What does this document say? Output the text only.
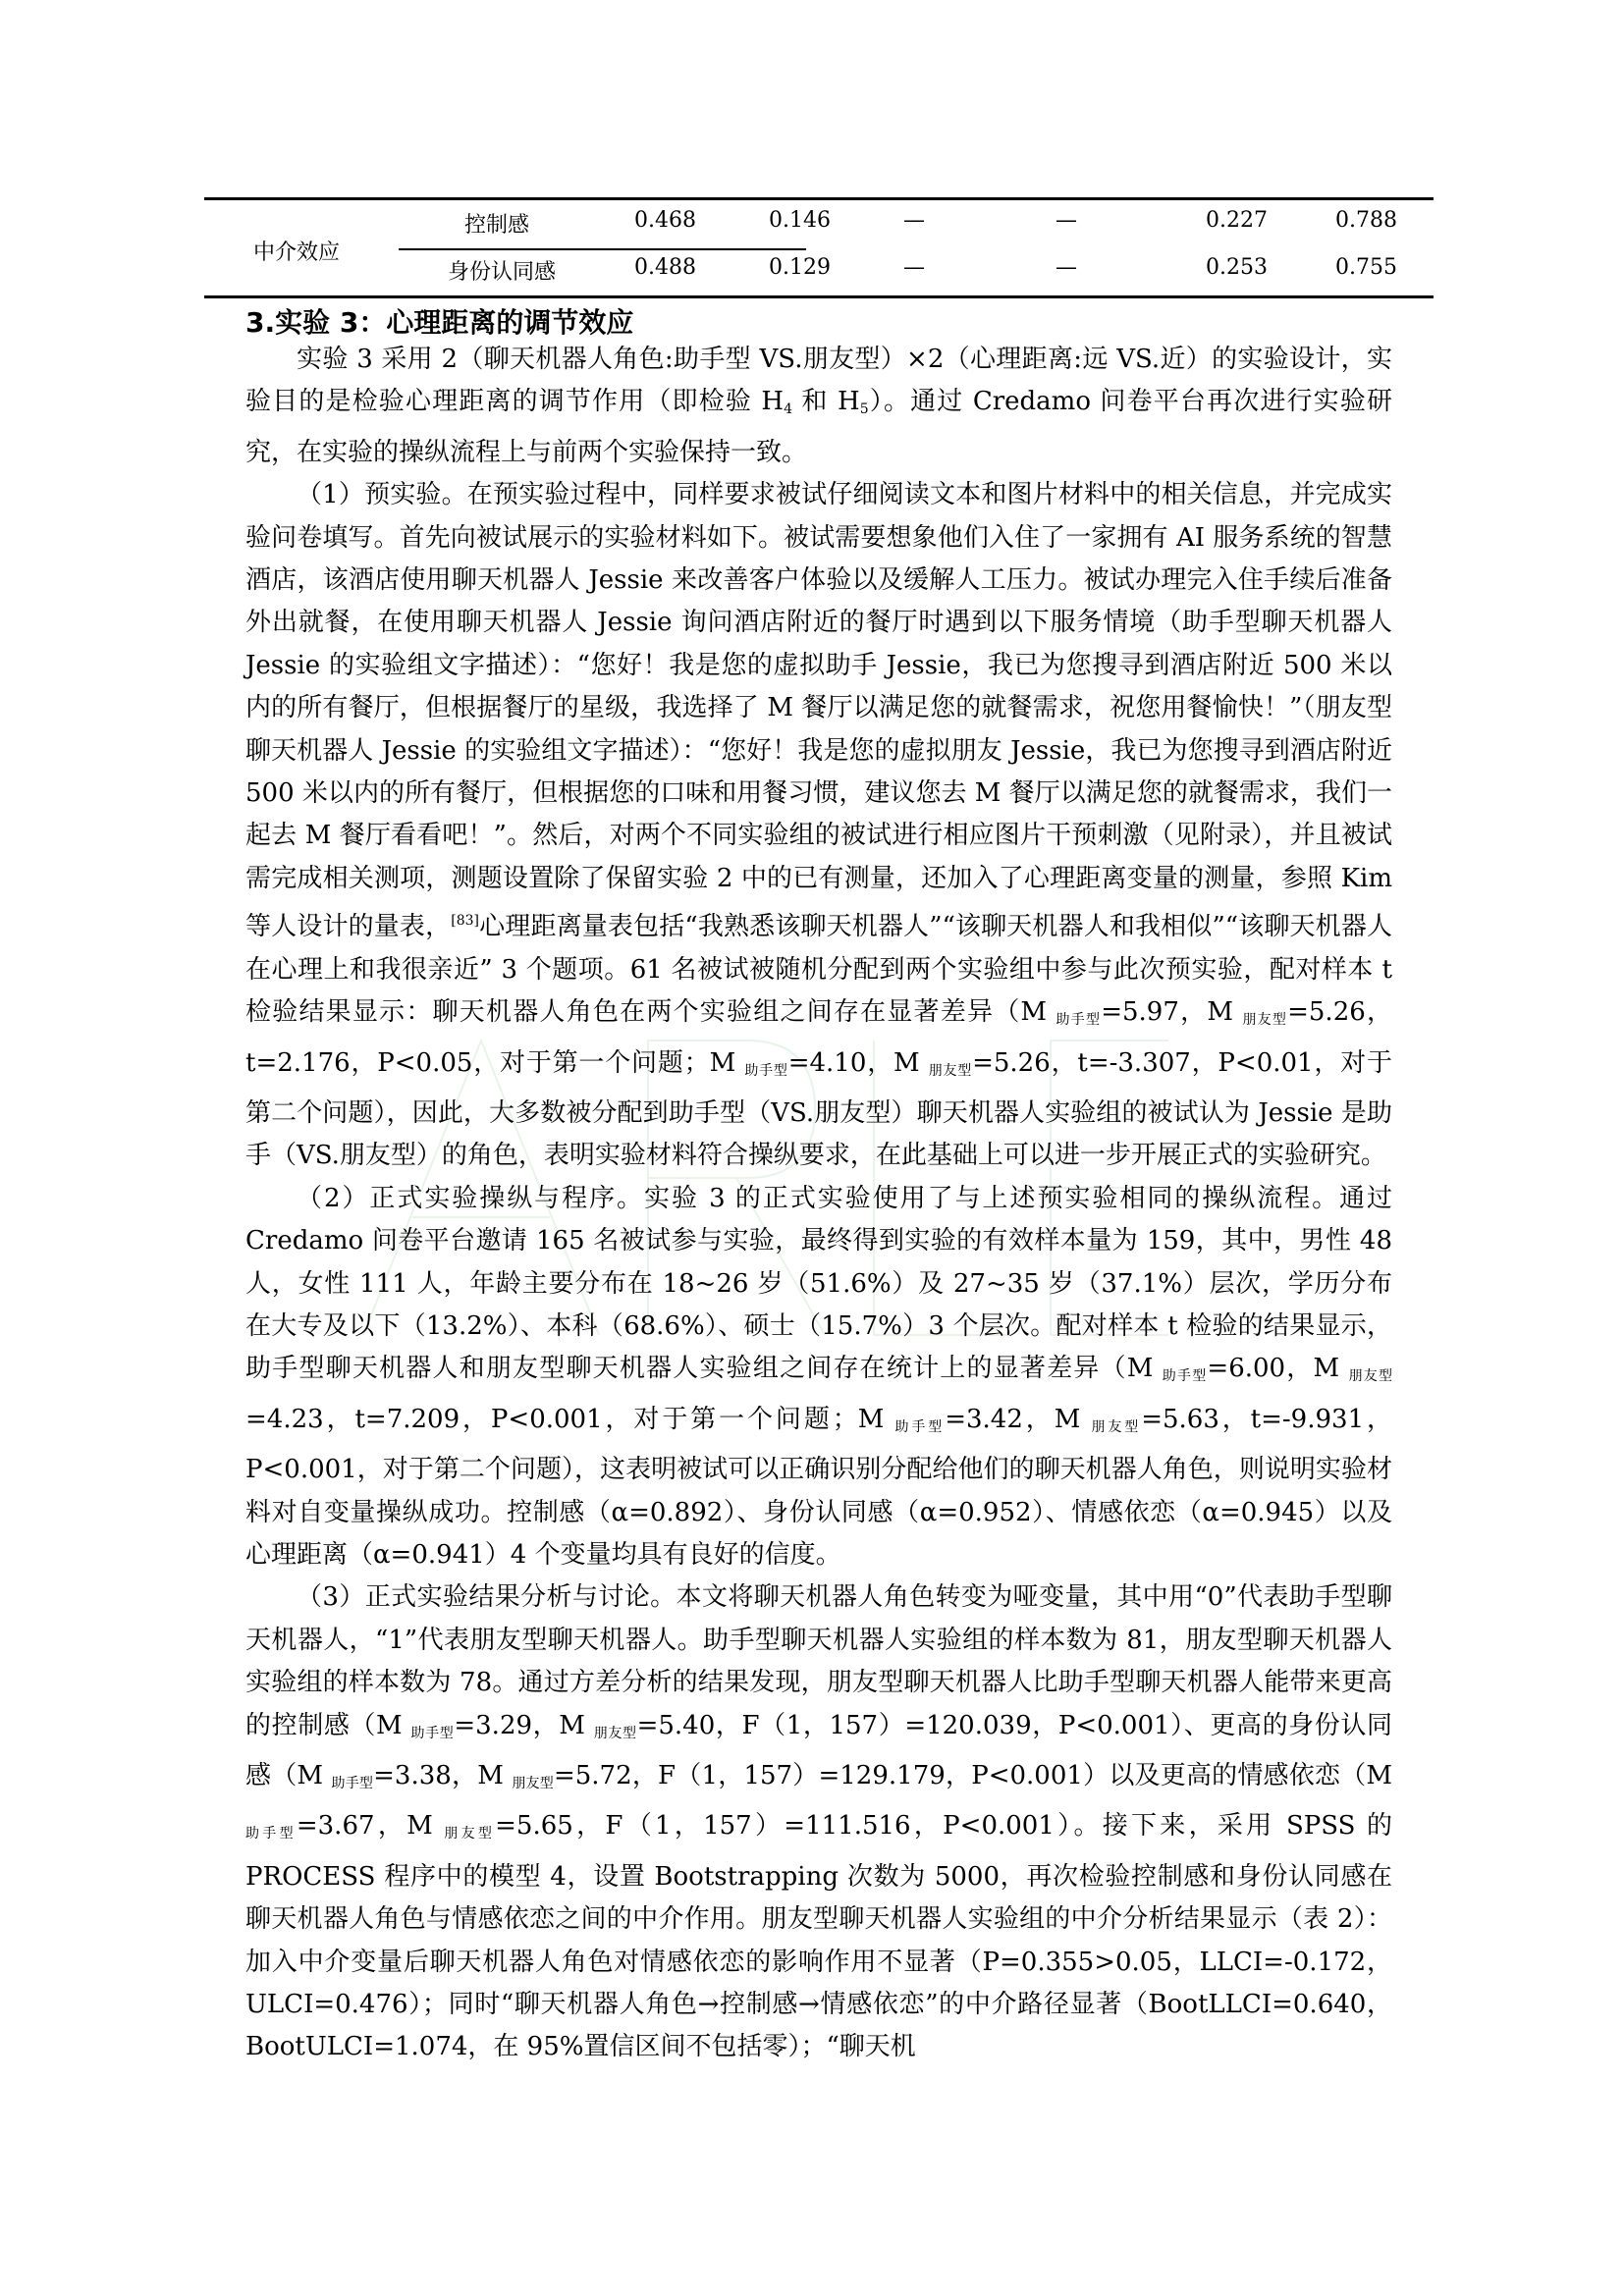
中介效应
控制感	0.468	0.146	—	—	0.227	0.788
身份认同感	0.488	0.129	—	—	0.253	0.755
3.实验 3：心理距离的调节效应

实验 3 采用 2（聊天机器人角色:助手型 VS.朋友型）×2（心理距离:远 VS.近）的实验设计，实验目的是检验心理距离的调节作用（即检验 $H_4$ 和 $H_5$）。通过 Credamo 问卷平台再次进行实验研究，在实验的操纵流程上与前两个实验保持一致。

（1）预实验。在预实验过程中，同样要求被试仔细阅读文本和图片材料中的相关信息，并完成实验问卷填写。首先向被试展示的实验材料如下。被试需要想象他们入住了一家拥有 AI 服务系统的智慧酒店，该酒店使用聊天机器人 Jessie 来改善客户体验以及缓解人工压力。被试办理完入住手续后准备外出就餐，在使用聊天机器人 Jessie 询问酒店附近的餐厅时遇到以下服务情境（助手型聊天机器人 Jessie 的实验组文字描述）：“您好！我是您的虚拟助手 Jessie，我已为您搜寻到酒店附近 500 米以内的所有餐厅，但根据餐厅的星级，我选择了 M 餐厅以满足您的就餐需求，祝您用餐愉快！”（朋友型聊天机器人 Jessie 的实验组文字描述）：“您好！我是您的虚拟朋友 Jessie，我已为您搜寻到酒店附近 500 米以内的所有餐厅，但根据您的口味和用餐习惯，建议您去 M 餐厅以满足您的就餐需求，我们一起去 M 餐厅看看吧！”。然后，对两个不同实验组的被试进行相应图片干预刺激（见附录），并且被试需完成相关测项，测题设置除了保留实验 2 中的已有测量，还加入了心理距离变量的测量，参照 Kim 等人设计的量表，[83]心理距离量表包括“我熟悉该聊天机器人”“该聊天机器人和我相似”“该聊天机器人在心理上和我很亲近” 3 个题项。61 名被试被随机分配到两个实验组中参与此次预实验，配对样本 t 检验结果显示：聊天机器人角色在两个实验组之间存在显著差异（M $_{助手型}$=5.97，M $_{朋友型}$=5.26，t=2.176，P<0.05，对于第一个问题；M $_{助手型}$=4.10，M $_{朋友型}$=5.26，t=-3.307，P<0.01，对于第二个问题），因此，大多数被分配到助手型（VS.朋友型）聊天机器人实验组的被试认为 Jessie 是助手（VS.朋友型）的角色，表明实验材料符合操纵要求，在此基础上可以进一步开展正式的实验研究。

（2）正式实验操纵与程序。实验 3 的正式实验使用了与上述预实验相同的操纵流程。通过 Credamo 问卷平台邀请 165 名被试参与实验，最终得到实验的有效样本量为 159，其中，男性 48 人，女性 111 人，年龄主要分布在 18~26 岁（51.6%）及 27~35 岁（37.1%）层次，学历分布在大专及以下（13.2%）、本科（68.6%）、硕士（15.7%）3 个层次。配对样本 t 检验的结果显示，助手型聊天机器人和朋友型聊天机器人实验组之间存在统计上的显著差异（M $_{助手型}$=6.00，M $_{朋友型}$=4.23，t=7.209，P<0.001，对于第一个问题；M $_{助手型}$=3.42，M $_{朋友型}$=5.63，t=-9.931，P<0.001，对于第二个问题），这表明被试可以正确识别分配给他们的聊天机器人角色，则说明实验材料对自变量操纵成功。控制感（α=0.892）、身份认同感（α=0.952）、情感依恋（α=0.945）以及心理距离（α=0.941）4 个变量均具有良好的信度。

（3）正式实验结果分析与讨论。本文将聊天机器人角色转变为哑变量，其中用“0”代表助手型聊天机器人，“1”代表朋友型聊天机器人。助手型聊天机器人实验组的样本数为 81，朋友型聊天机器人实验组的样本数为 78。通过方差分析的结果发现，朋友型聊天机器人比助手型聊天机器人能带来更高的控制感（M $_{助手型}$=3.29，M $_{朋友型}$=5.40，F（1，157）=120.039，P<0.001）、更高的身份认同感（M $_{助手型}$=3.38，M $_{朋友型}$=5.72，F（1，157）=129.179，P<0.001）以及更高的情感依恋（M $_{助手型}$=3.67，M $_{朋友型}$=5.65，F（1，157）=111.516，P<0.001）。接下来，采用 SPSS 的 PROCESS 程序中的模型 4，设置 Bootstrapping 次数为 5000，再次检验控制感和身份认同感在聊天机器人角色与情感依恋之间的中介作用。朋友型聊天机器人实验组的中介分析结果显示（表 2）：加入中介变量后聊天机器人角色对情感依恋的影响作用不显著（P=0.355>0.05，LLCI=-0.172，ULCI=0.476）；同时“聊天机器人角色→控制感→情感依恋”的中介路径显著（BootLLCI=0.640，BootULCI=1.074，在 95%置信区间不包括零）；“聊天机
